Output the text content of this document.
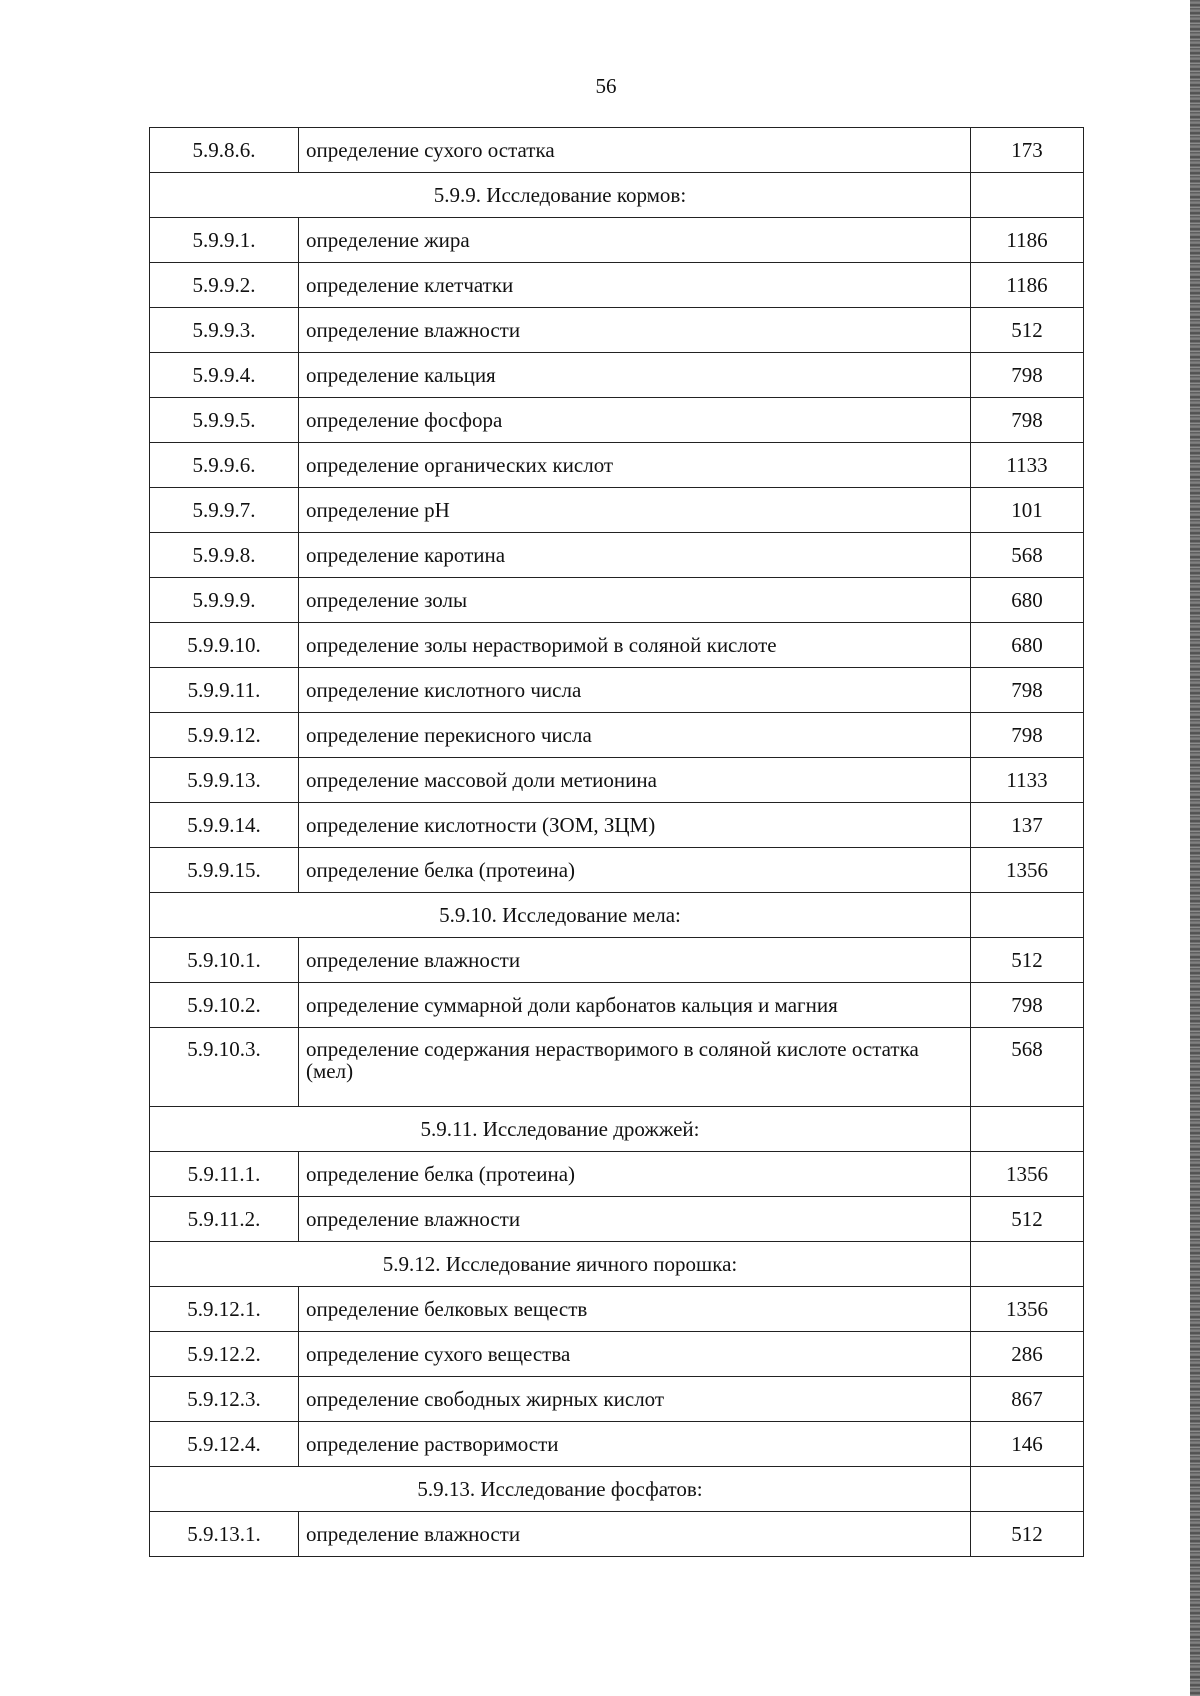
56
5.9.8.6.	определение сухого остатка	173
5.9.9. Исследование кормов:		
5.9.9.1.	определение жира	1186
5.9.9.2.	определение клетчатки	1186
5.9.9.3.	определение влажности	512
5.9.9.4.	определение кальция	798
5.9.9.5.	определение фосфора	798
5.9.9.6.	определение органических кислот	1133
5.9.9.7.	определение рН	101
5.9.9.8.	определение каротина	568
5.9.9.9.	определение золы	680
5.9.9.10.	определение золы нерастворимой в соляной кислоте	680
5.9.9.11.	определение кислотного числа	798
5.9.9.12.	определение перекисного числа	798
5.9.9.13.	определение массовой доли метионина	1133
5.9.9.14.	определение кислотности (ЗОМ, ЗЦМ)	137
5.9.9.15.	определение белка (протеина)	1356
5.9.10. Исследование мела:		
5.9.10.1.	определение влажности	512
5.9.10.2.	определение суммарной доли карбонатов кальция и магния	798
5.9.10.3.	определение содержания нерастворимого в соляной кислоте остатка (мел)	568
5.9.11. Исследование дрожжей:		
5.9.11.1.	определение белка (протеина)	1356
5.9.11.2.	определение влажности	512
5.9.12. Исследование яичного порошка:		
5.9.12.1.	определение белковых веществ	1356
5.9.12.2.	определение сухого вещества	286
5.9.12.3.	определение свободных жирных кислот	867
5.9.12.4.	определение растворимости	146
5.9.13. Исследование фосфатов:		
5.9.13.1.	определение влажности	512
